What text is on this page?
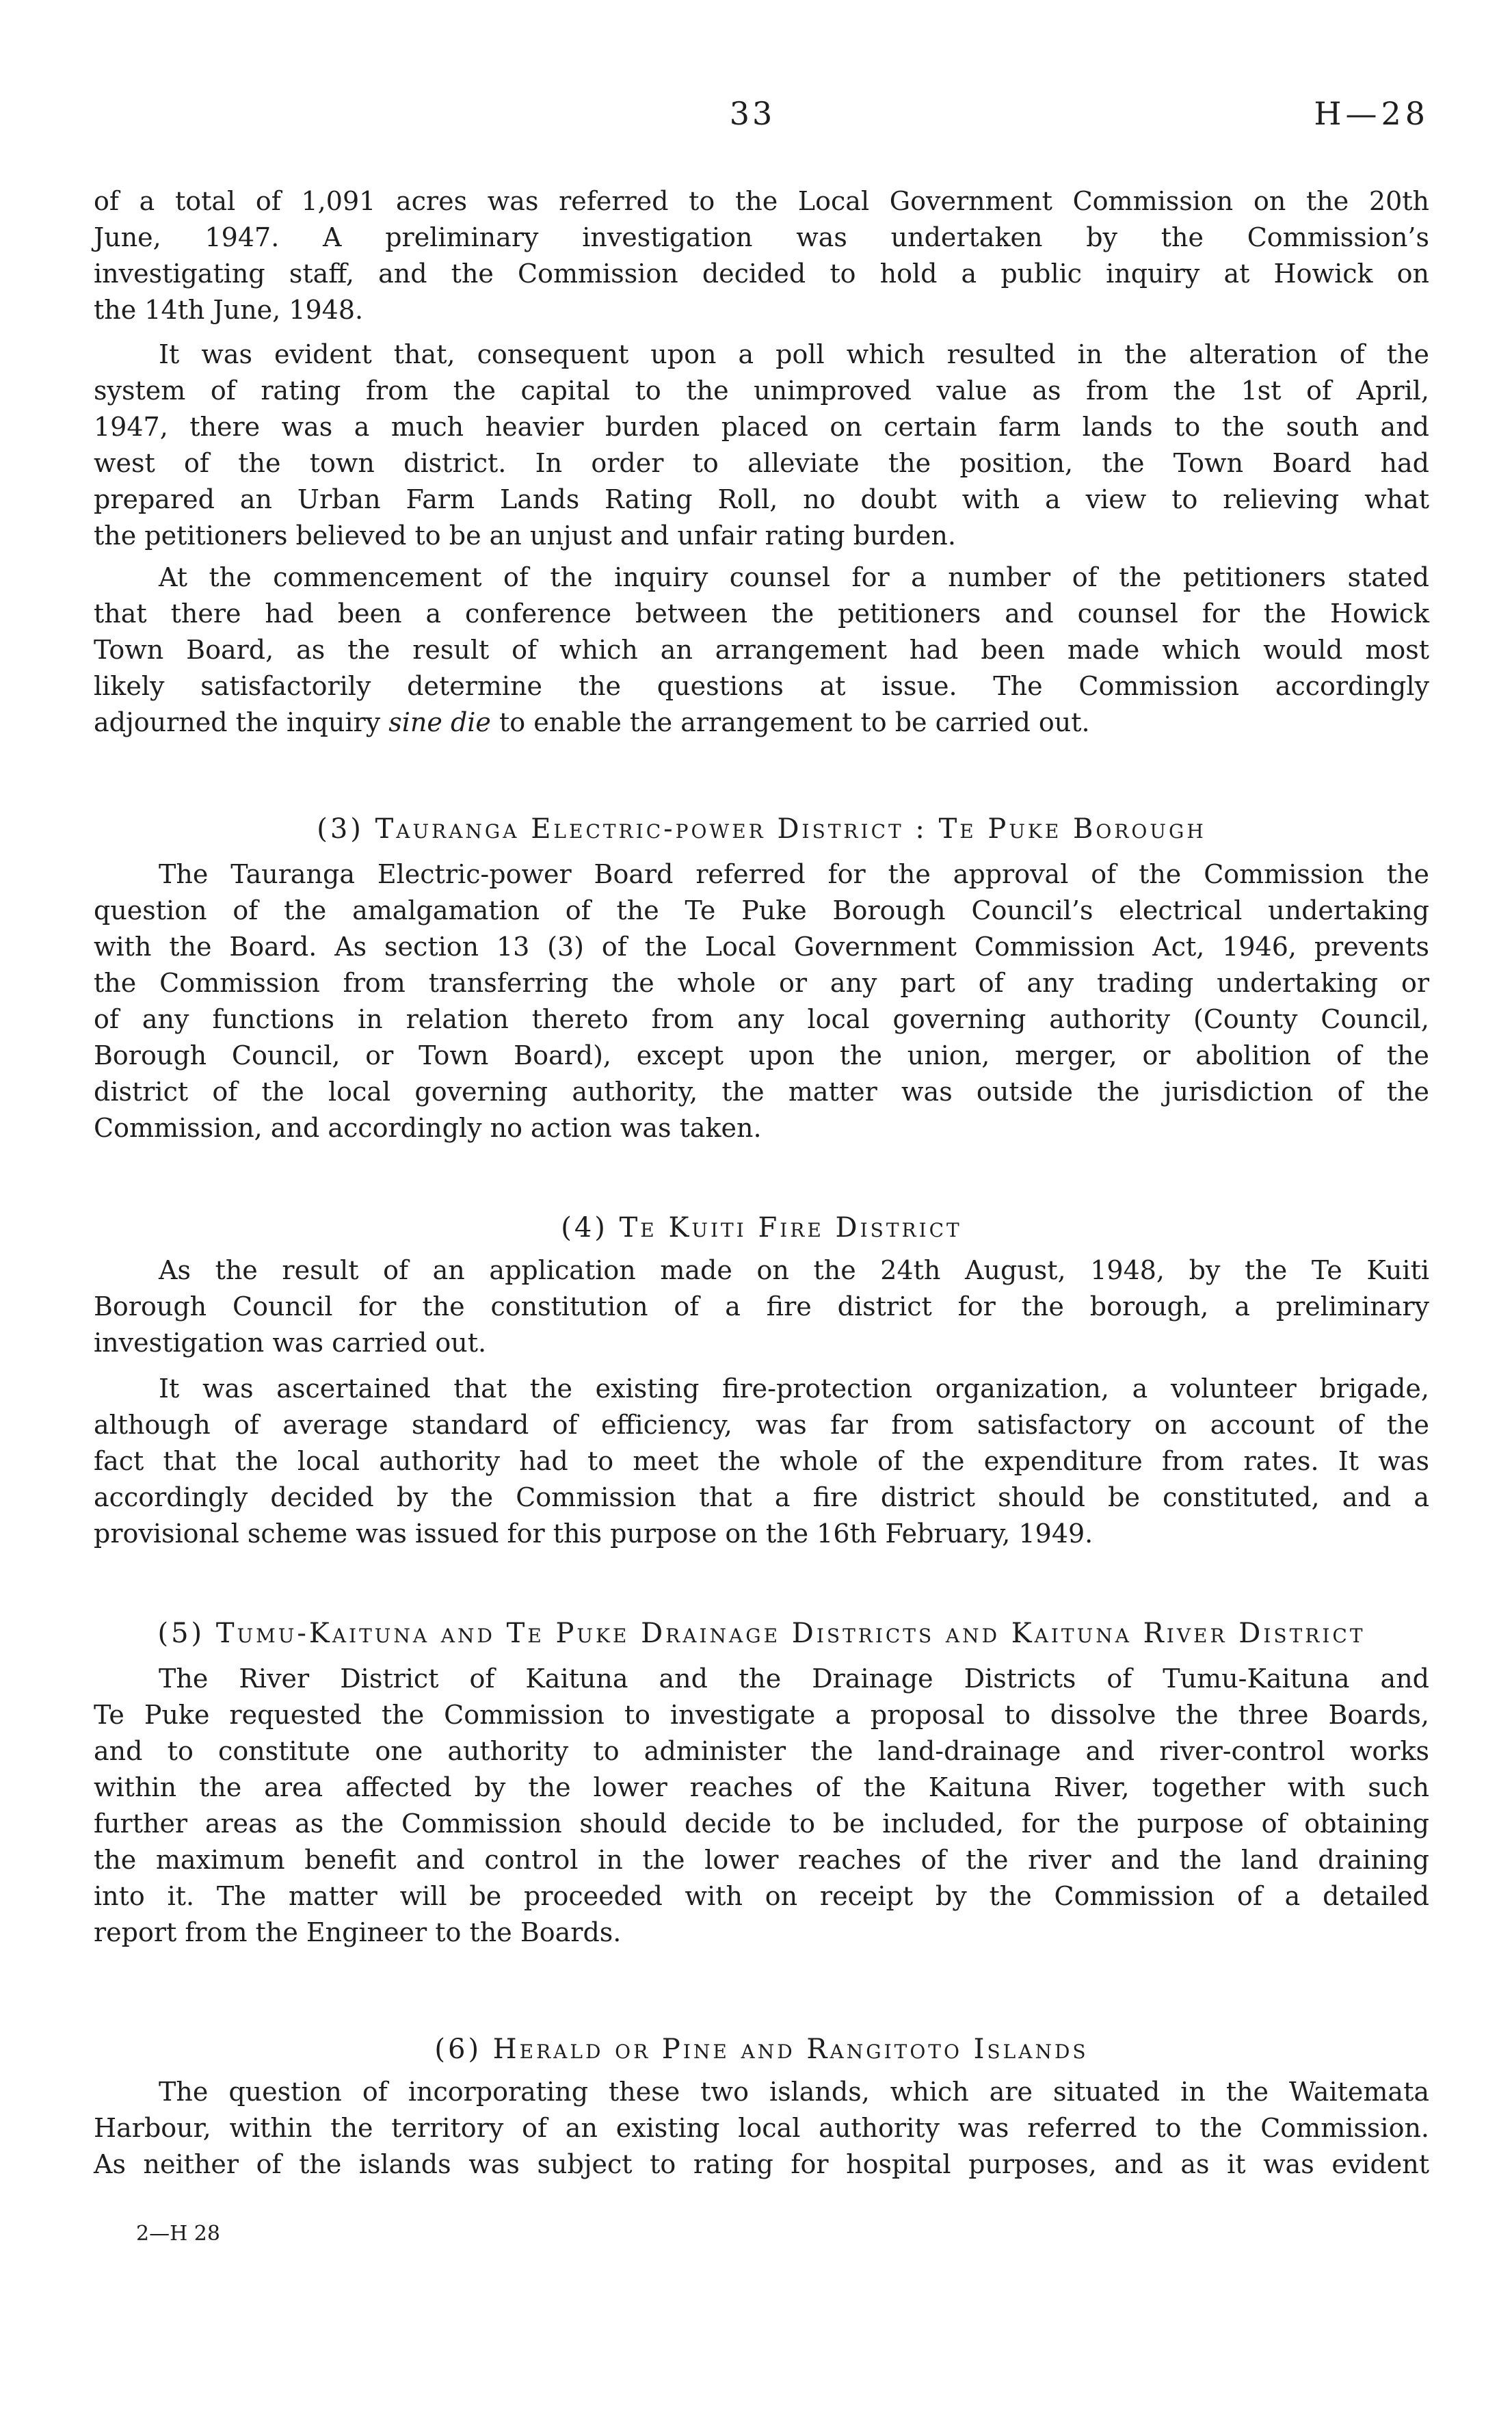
33	H—28
of a total of 1,091 acres was referred to the Local Government Commission on the 20th
June, 1947. A preliminary investigation was undertaken by the Commission’s
investigating staff, and the Commission decided to hold a public inquiry at Howick on
the 14th June, 1948.
It was evident that, consequent upon a poll which resulted in the alteration of the
system of rating from the capital to the unimproved value as from the 1st of April,
1947, there was a much heavier burden placed on certain farm lands to the south and
west of the town district. In order to alleviate the position, the Town Board had
prepared an Urban Farm Lands Rating Roll, no doubt with a view to relieving what
the petitioners believed to be an unjust and unfair rating burden.
At the commencement of the inquiry counsel for a number of the petitioners stated
that there had been a conference between the petitioners and counsel for the Howick
Town Board, as the result of which an arrangement had been made which would most
likely satisfactorily determine the questions at issue. The Commission accordingly
adjourned the inquiry sine die to enable the arrangement to be carried out.
(3) Tauranga Electric-power District : Te Puke Borough
The Tauranga Electric-power Board referred for the approval of the Commission the
question of the amalgamation of the Te Puke Borough Council’s electrical undertaking
with the Board. As section 13 (3) of the Local Government Commission Act, 1946, prevents
the Commission from transferring the whole or any part of any trading undertaking or
of any functions in relation thereto from any local governing authority (County Council,
Borough Council, or Town Board), except upon the union, merger, or abolition of the
district of the local governing authority, the matter was outside the jurisdiction of the
Commission, and accordingly no action was taken.
(4) Te Kuiti Fire District
As the result of an application made on the 24th August, 1948, by the Te Kuiti
Borough Council for the constitution of a fire district for the borough, a preliminary
investigation was carried out.
It was ascertained that the existing fire-protection organization, a volunteer brigade,
although of average standard of efficiency, was far from satisfactory on account of the
fact that the local authority had to meet the whole of the expenditure from rates. It was
accordingly decided by the Commission that a fire district should be constituted, and a
provisional scheme was issued for this purpose on the 16th February, 1949.
(5) Tumu-Kaituna and Te Puke Drainage Districts and Kaituna River District
The River District of Kaituna and the Drainage Districts of Tumu-Kaituna and
Te Puke requested the Commission to investigate a proposal to dissolve the three Boards,
and to constitute one authority to administer the land-drainage and river-control works
within the area affected by the lower reaches of the Kaituna River, together with such
further areas as the Commission should decide to be included, for the purpose of obtaining
the maximum benefit and control in the lower reaches of the river and the land draining
into it. The matter will be proceeded with on receipt by the Commission of a detailed
report from the Engineer to the Boards.
(6) Herald or Pine and Rangitoto Islands
The question of incorporating these two islands, which are situated in the Waitemata
Harbour, within the territory of an existing local authority was referred to the Commission.
As neither of the islands was subject to rating for hospital purposes, and as it was evident
2—H 28
